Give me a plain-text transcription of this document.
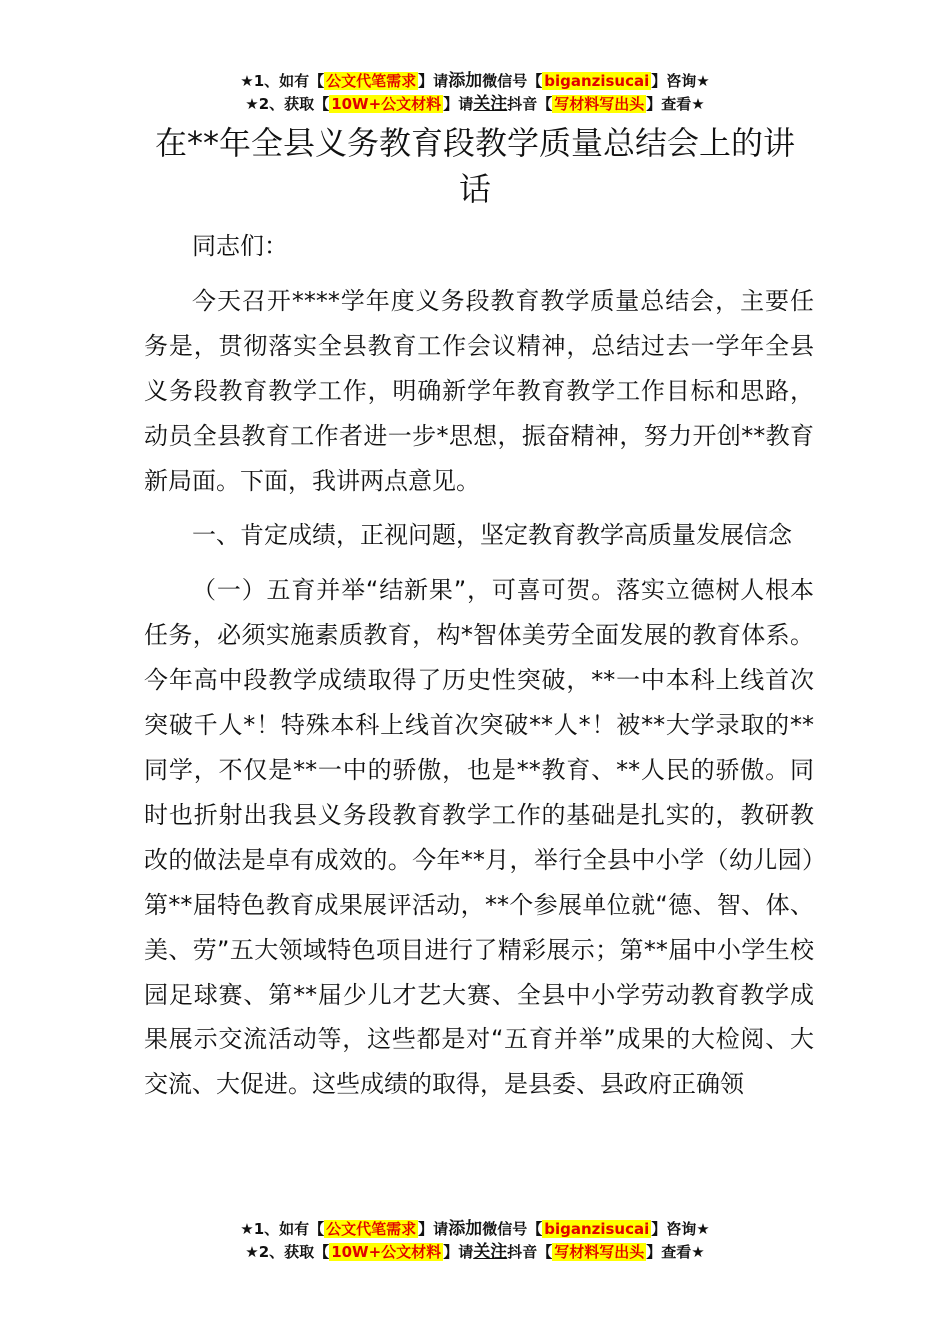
★1、如有【 公文代笔需求 】请添加微信号【 biganzisucai 】咨询★
★2、获取【 10W+公文材料 】请关注抖音【 写材料写出头 】查看★
在**年全县义务教育段教学质量总结会上的讲话

同志们：

今天召开****学年度义务段教育教学质量总结会，主要任务是，贯彻落实全县教育工作会议精神，总结过去一学年全县义务段教育教学工作，明确新学年教育教学工作目标和思路，动员全县教育工作者进一步*思想，振奋精神，努力开创**教育新局面。下面，我讲两点意见。

一、肯定成绩，正视问题，坚定教育教学高质量发展信念

（一）五育并举“结新果”，可喜可贺。落实立德树人根本任务，必须实施素质教育，构*智体美劳全面发展的教育体系。今年高中段教学成绩取得了历史性突破，**一中本科上线首次突破千人*！特殊本科上线首次突破**人*！被**大学录取的**同学，不仅是**一中的骄傲，也是**教育、**人民的骄傲。同时也折射出我县义务段教育教学工作的基础是扎实的，教研教改的做法是卓有成效的。今年**月，举行全县中小学（幼儿园）第**届特色教育成果展评活动，**个参展单位就“德、智、体、美、劳”五大领域特色项目进行了精彩展示；第**届中小学生校园足球赛、第**届少儿才艺大赛、全县中小学劳动教育教学成果展示交流活动等，这些都是对“五育并举”成果的大检阅、大交流、大促进。这些成绩的取得，是县委、县政府正确领

★1、如有【 公文代笔需求 】请添加微信号【 biganzisucai 】咨询★
★2、获取【 10W+公文材料 】请关注抖音【 写材料写出头 】查看★
